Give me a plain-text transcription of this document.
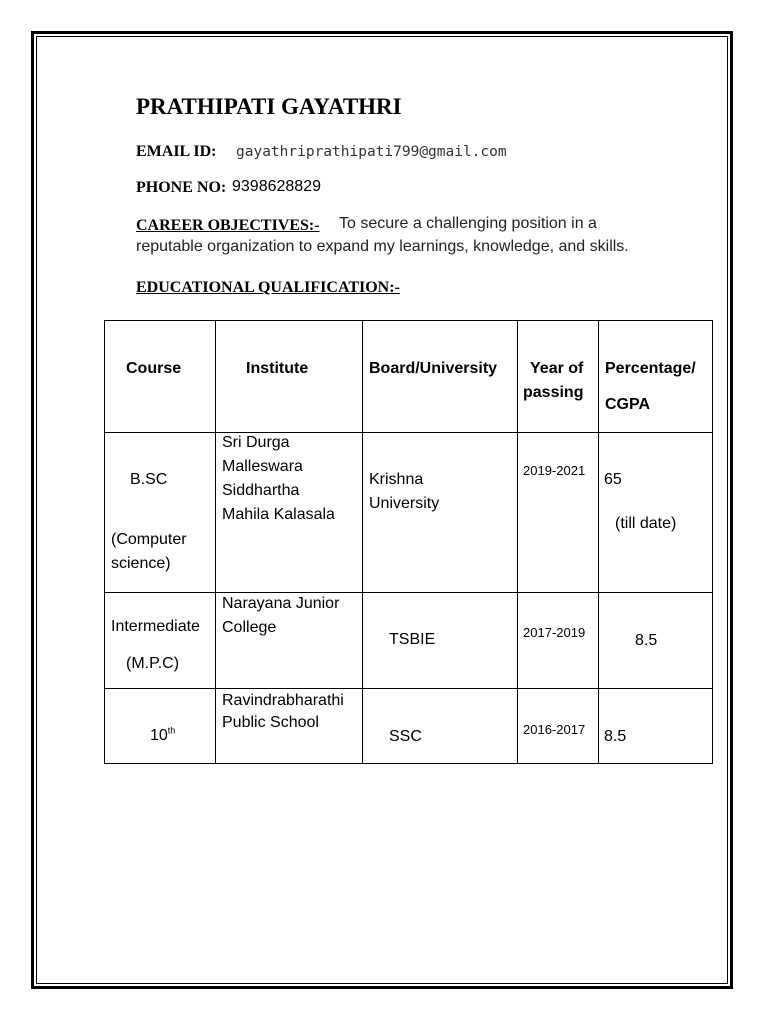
PRATHIPATI GAYATHRI
EMAIL ID: gayathriprathipati799@gmail.com
PHONE NO: 9398628829
CAREER OBJECTIVES:- To secure a challenging position in a
reputable organization to expand my learnings, knowledge, and skills.
EDUCATIONAL QUALIFICATION:-
Course	Institute	Board/University	Year of
passing	Percentage/
CGPA

B.SC
(Computer
science)	Sri Durga
Malleswara
Siddhartha
Mahila Kalasala	Krishna
University	2019-2021	65
(till date)

Intermediate
(M.P.C)	Narayana Junior
College	TSBIE	2017-2019	8.5

10th	Ravindrabharathi
Public School	SSC	2016-2017	8.5
